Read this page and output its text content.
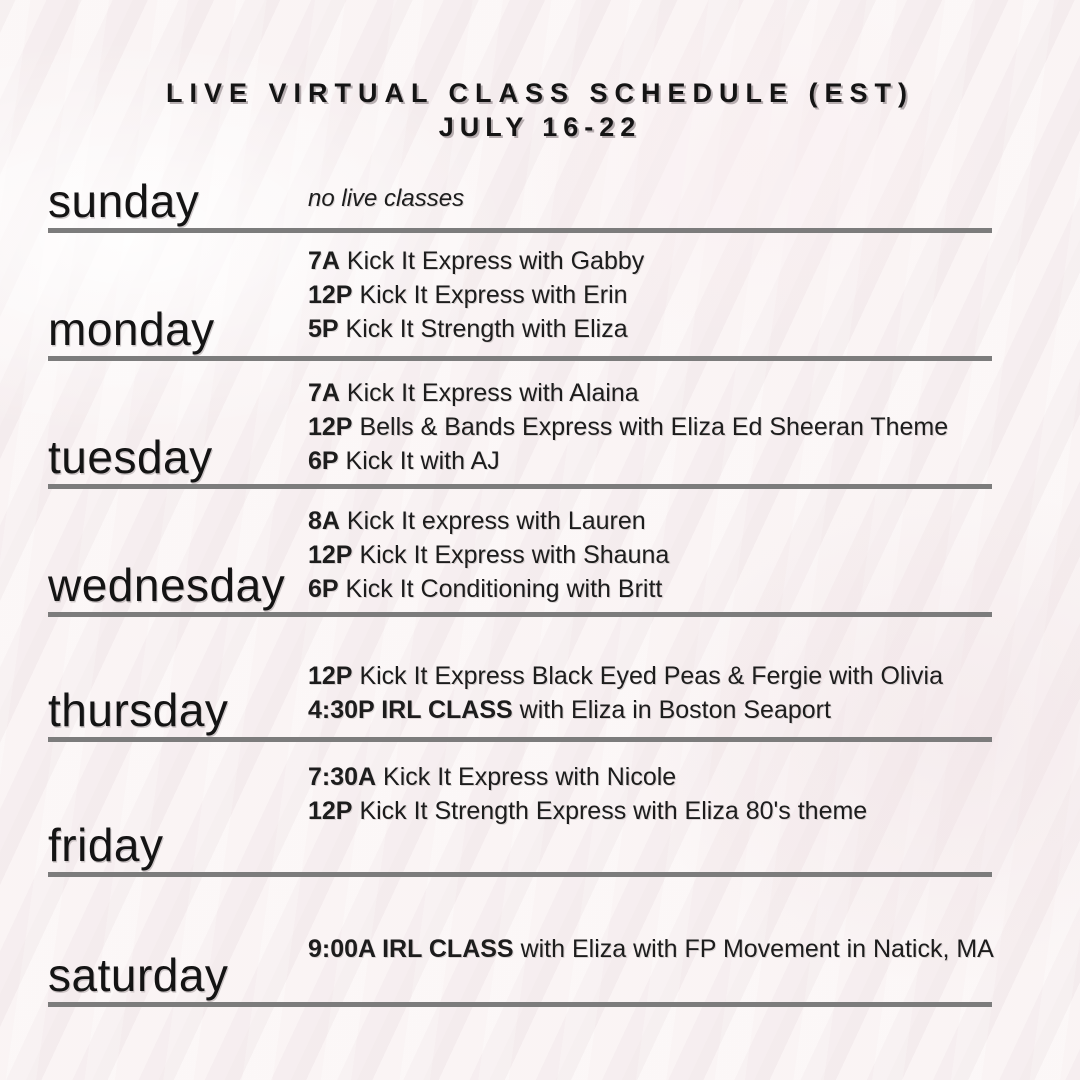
LIVE VIRTUAL CLASS SCHEDULE (EST)
JULY 16-22
sunday	no live classes
monday
7A Kick It Express with Gabby
12P Kick It Express with Erin
5P Kick It Strength with Eliza
tuesday
7A Kick It Express with Alaina
12P Bells & Bands Express with Eliza Ed Sheeran Theme
6P Kick It with AJ
wednesday
8A Kick It express with Lauren
12P Kick It Express with Shauna
6P Kick It Conditioning with Britt
thursday
12P Kick It Express Black Eyed Peas & Fergie with Olivia
4:30P IRL CLASS with Eliza in Boston Seaport
friday
7:30A Kick It Express with Nicole
12P Kick It Strength Express with Eliza 80's theme
saturday
9:00A IRL CLASS with Eliza with FP Movement in Natick, MA
